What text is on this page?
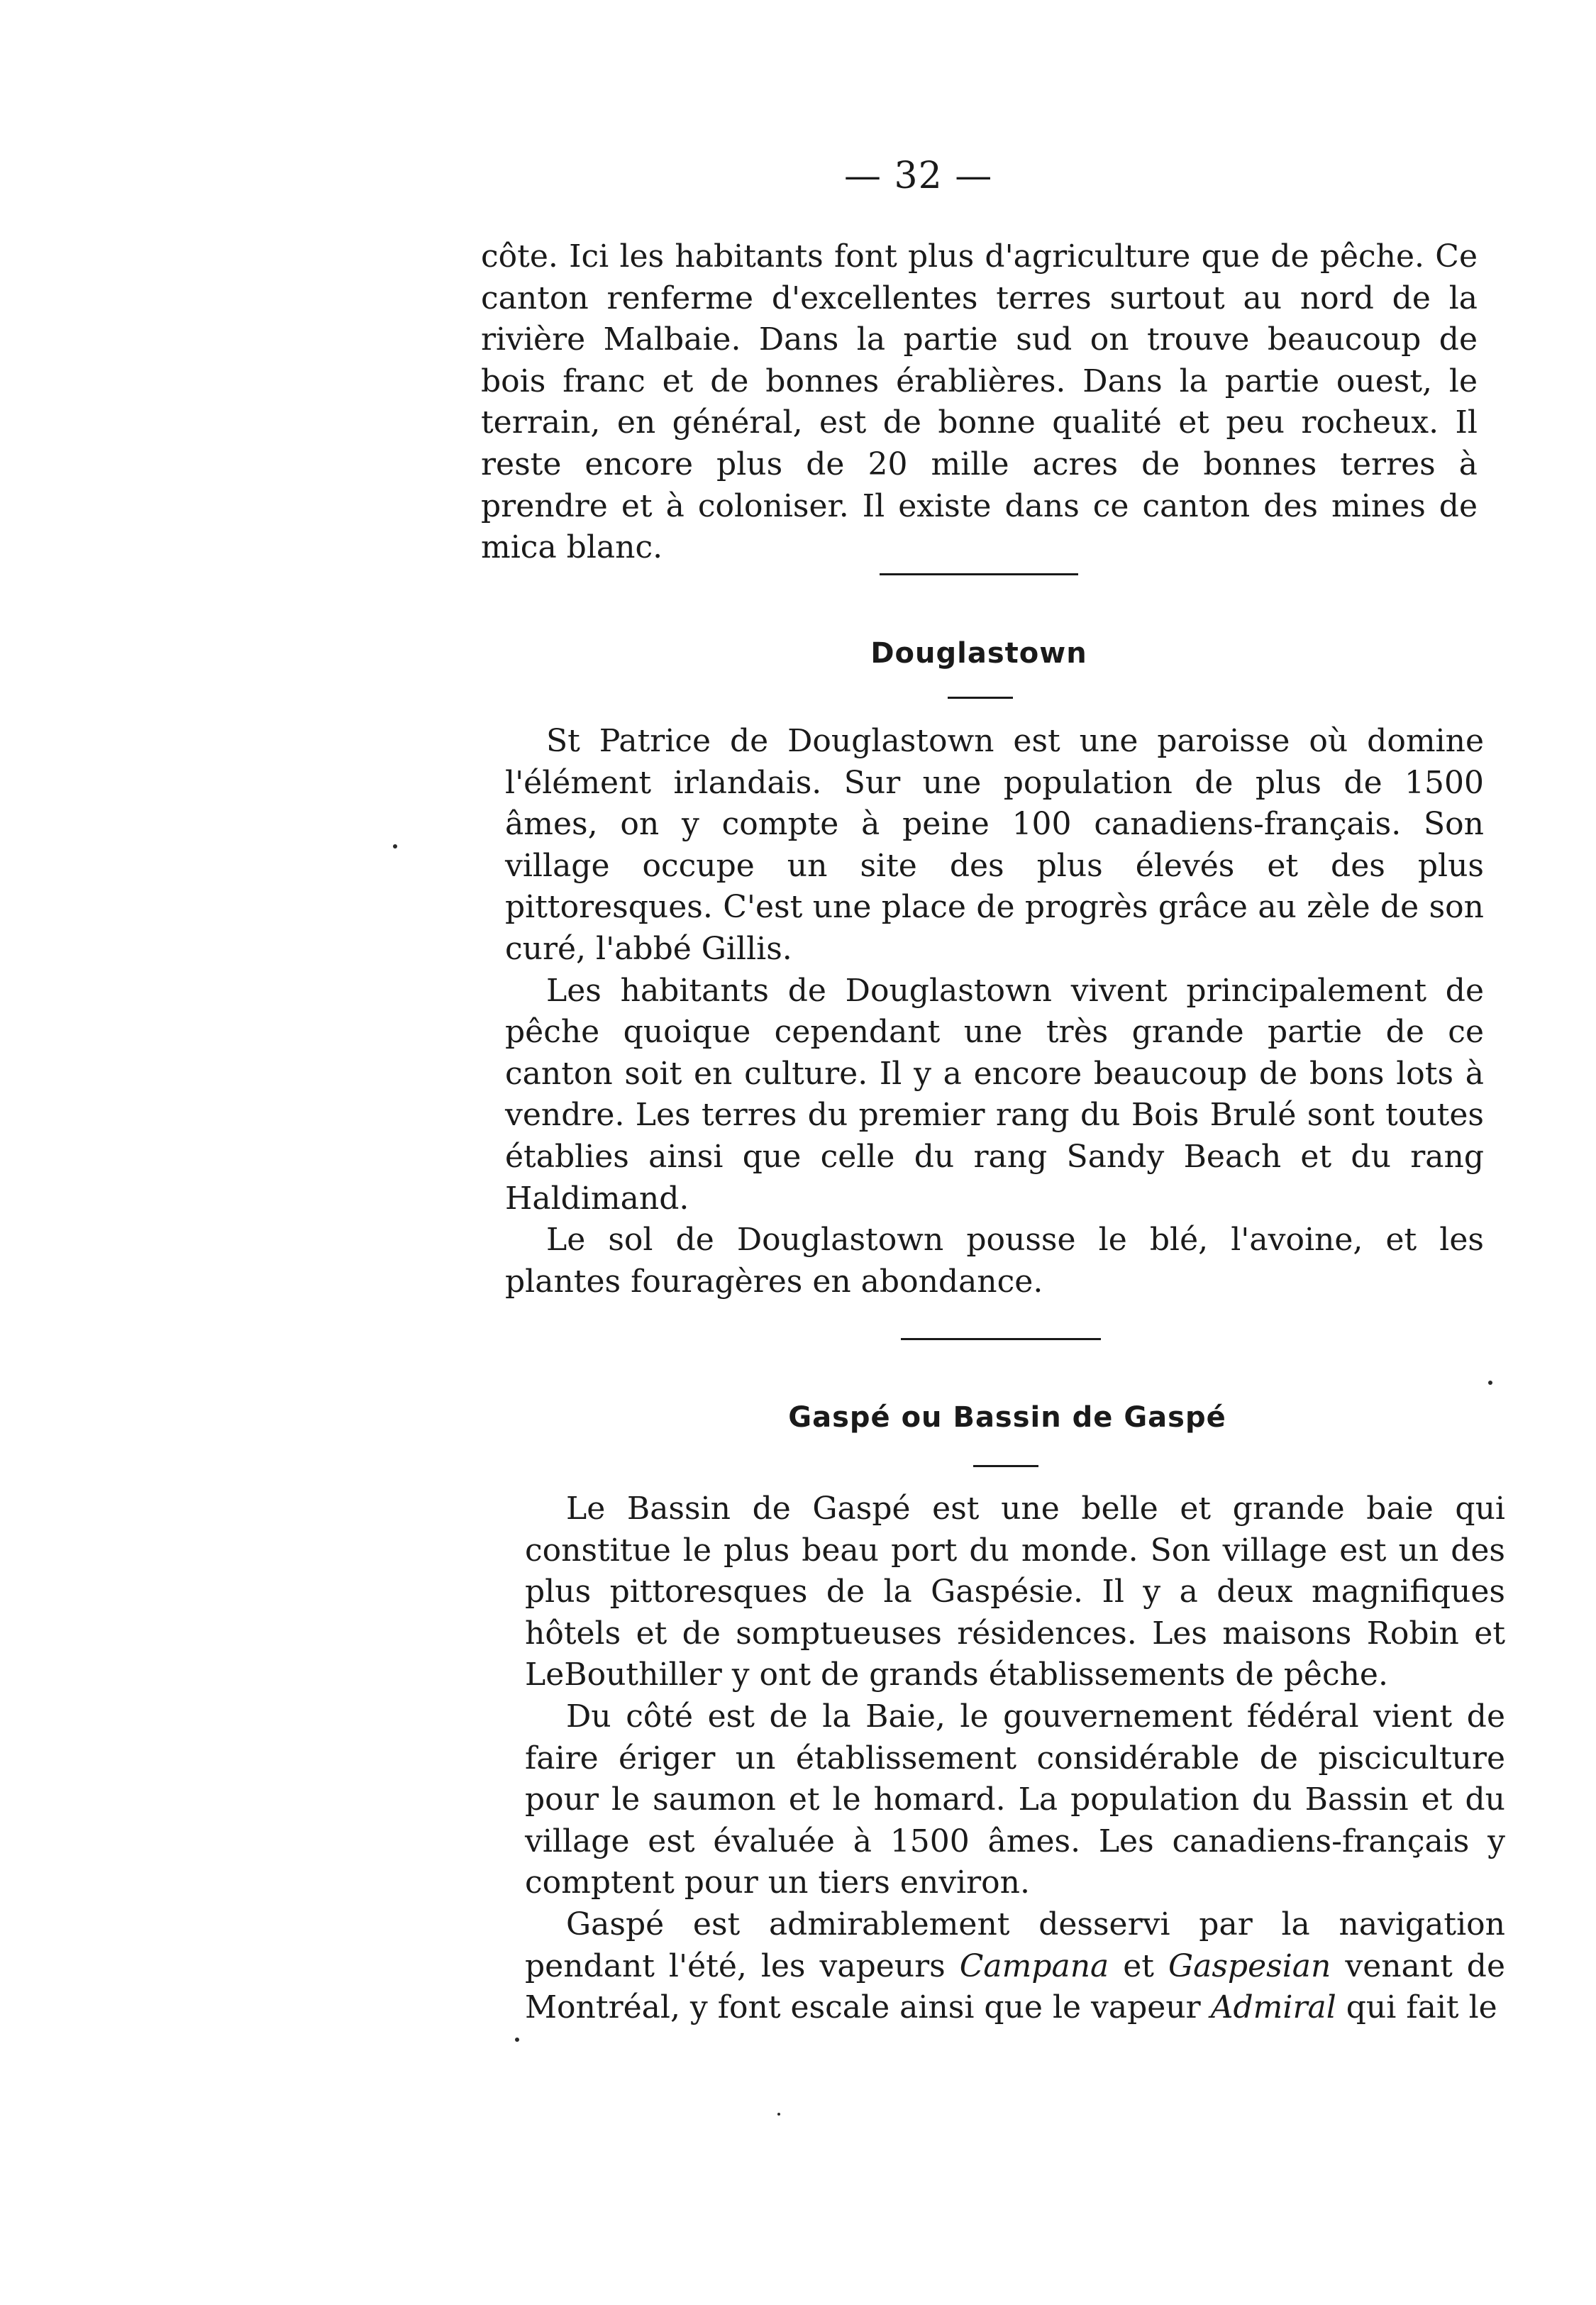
— 32 —

côte. Ici les habitants font plus d'agriculture que de pêche. Ce canton renferme d'excellentes terres surtout au nord de la rivière Malbaie. Dans la partie sud on trouve beaucoup de bois franc et de bonnes érablières. Dans la partie ouest, le terrain, en général, est de bonne qualité et peu rocheux. Il reste encore plus de 20 mille acres de bonnes terres à prendre et à coloniser. Il existe dans ce canton des mines de mica blanc.

Douglastown

St Patrice de Douglastown est une paroisse où domine l'élément irlandais. Sur une population de plus de 1500 âmes, on y compte à peine 100 canadiens-français. Son village occupe un site des plus élevés et des plus pittoresques. C'est une place de progrès grâce au zèle de son curé, l'abbé Gillis.

Les habitants de Douglastown vivent principalement de pêche quoique cependant une très grande partie de ce canton soit en culture. Il y a encore beaucoup de bons lots à vendre. Les terres du premier rang du Bois Brulé sont toutes établies ainsi que celle du rang Sandy Beach et du rang Haldimand.

Le sol de Douglastown pousse le blé, l'avoine, et les plantes fouragères en abondance.

Gaspé ou Bassin de Gaspé

Le Bassin de Gaspé est une belle et grande baie qui constitue le plus beau port du monde. Son village est un des plus pittoresques de la Gaspésie. Il y a deux magnifiques hôtels et de somptueuses résidences. Les maisons Robin et LeBouthiller y ont de grands établissements de pêche.

Du côté est de la Baie, le gouvernement fédéral vient de faire ériger un établissement considérable de pisciculture pour le saumon et le homard. La population du Bassin et du village est évaluée à 1500 âmes. Les canadiens-français y comptent pour un tiers environ.

Gaspé est admirablement desservi par la navigation pendant l'été, les vapeurs Campana et Gaspesian venant de Montréal, y font escale ainsi que le vapeur Admiral qui fait le
